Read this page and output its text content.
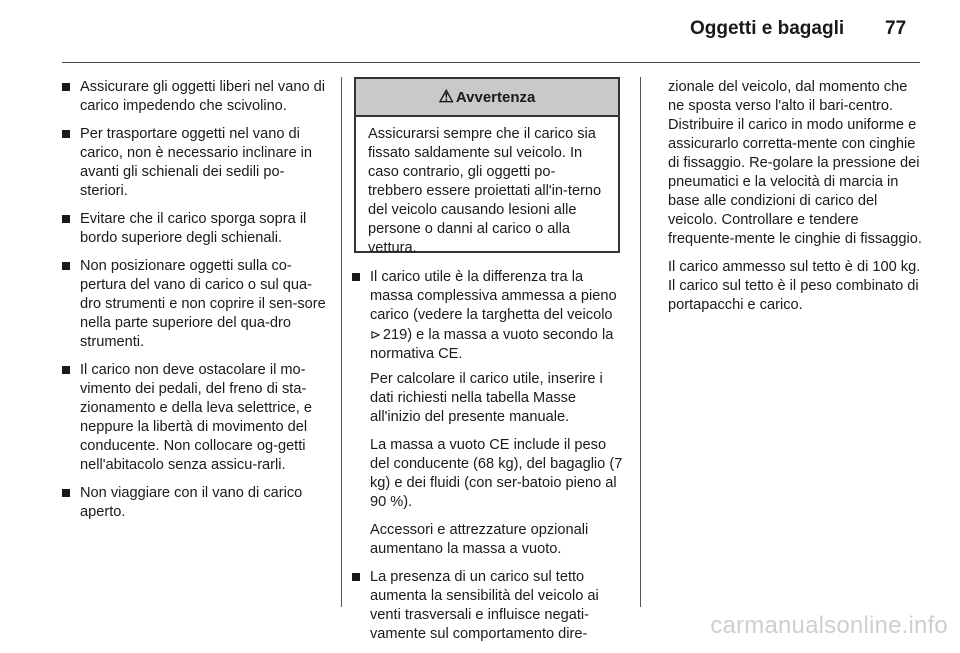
Oggetti e bagagli 77
Assicurare gli oggetti liberi nel vano di carico impedendo che scivolino.
Per trasportare oggetti nel vano di carico, non è necessario inclinare in avanti gli schienali dei sedili po-steriori.
Evitare che il carico sporga sopra il bordo superiore degli schienali.
Non posizionare oggetti sulla co-pertura del vano di carico o sul qua-dro strumenti e non coprire il sen-sore nella parte superiore del qua-dro strumenti.
Il carico non deve ostacolare il mo-vimento dei pedali, del freno di sta-zionamento e della leva selettrice, e neppure la libertà di movimento del conducente. Non collocare og-getti nell'abitacolo senza assicu-rarli.
Non viaggiare con il vano di carico aperto.
⚠ Avvertenza
Assicurarsi sempre che il carico sia fissato saldamente sul veicolo. In caso contrario, gli oggetti po-trebbero essere proiettati all'in-terno del veicolo causando lesioni alle persone o danni al carico o alla vettura.
Il carico utile è la differenza tra la massa complessiva ammessa a pieno carico (vedere la targhetta del veicolo ⊳ 219) e la massa a vuoto secondo la normativa CE.
Per calcolare il carico utile, inserire i dati richiesti nella tabella Masse all'inizio del presente manuale.
La massa a vuoto CE include il peso del conducente (68 kg), del bagaglio (7 kg) e dei fluidi (con ser-batoio pieno al 90 %).
Accessori e attrezzature opzionali aumentano la massa a vuoto.
La presenza di un carico sul tetto aumenta la sensibilità del veicolo ai venti trasversali e influisce negati-vamente sul comportamento dire-
zionale del veicolo, dal momento che ne sposta verso l'alto il bari-centro. Distribuire il carico in modo uniforme e assicurarlo corretta-mente con cinghie di fissaggio. Re-golare la pressione dei pneumatici e la velocità di marcia in base alle condizioni di carico del veicolo. Controllare e tendere frequente-mente le cinghie di fissaggio.
Il carico ammesso sul tetto è di 100 kg. Il carico sul tetto è il peso combinato di portapacchi e carico.
carmanualsonline.info
